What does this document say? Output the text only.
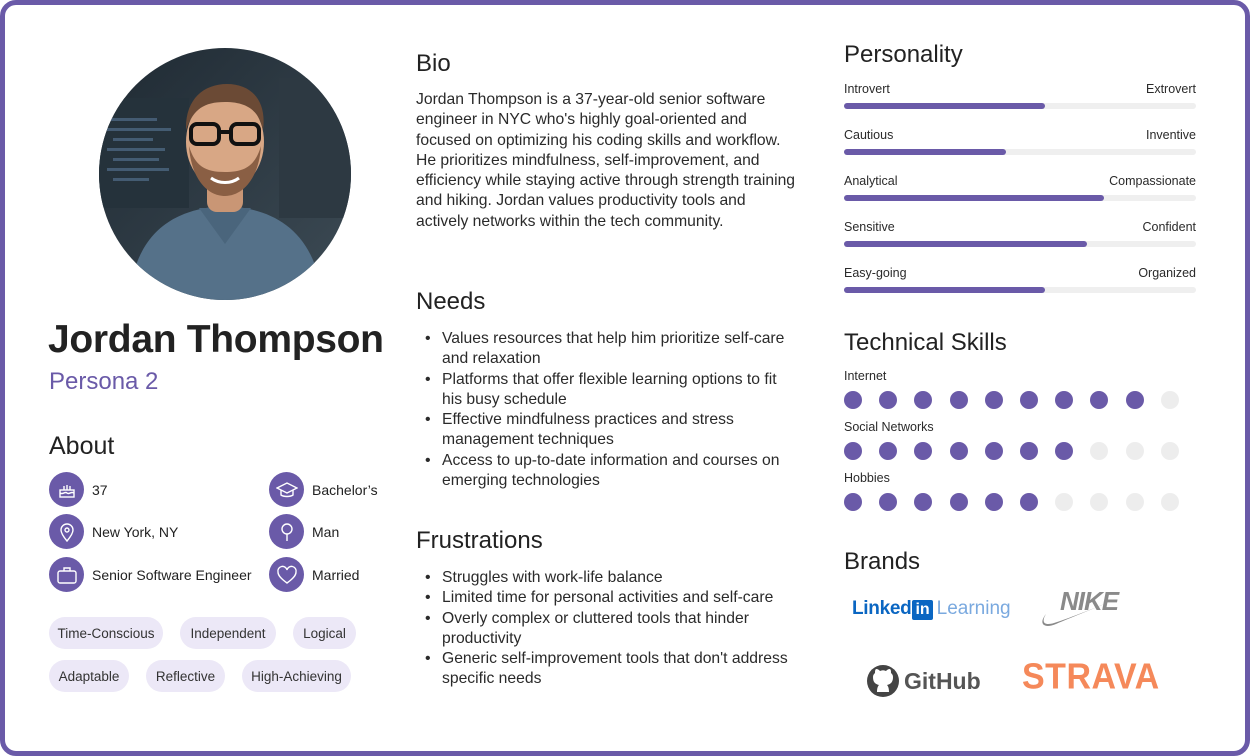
Jordan Thompson
Persona 2
About
37	Bachelor’s
New York, NY	Man
Senior Software Engineer	Married
Time-Conscious	Independent	Logical
Adaptable	Reflective	High-Achieving
Bio
Jordan Thompson is a 37-year-old senior software engineer in NYC who's highly goal-oriented and focused on optimizing his coding skills and workflow. He prioritizes mindfulness, self-improvement, and efficiency while staying active through strength training and hiking. Jordan values productivity tools and actively networks within the tech community.
Needs
• Values resources that help him prioritize self-care and relaxation
• Platforms that offer flexible learning options to fit his busy schedule
• Effective mindfulness practices and stress management techniques
• Access to up-to-date information and courses on emerging technologies
Frustrations
• Struggles with work-life balance
• Limited time for personal activities and self-care
• Overly complex or cluttered tools that hinder productivity
• Generic self-improvement tools that don't address specific needs
Personality
Introvert	Extrovert
Cautious	Inventive
Analytical	Compassionate
Sensitive	Confident
Easy-going	Organized
Technical Skills
Internet
Social Networks
Hobbies
Brands
Linked in Learning NIKE
GitHub STRAVA
